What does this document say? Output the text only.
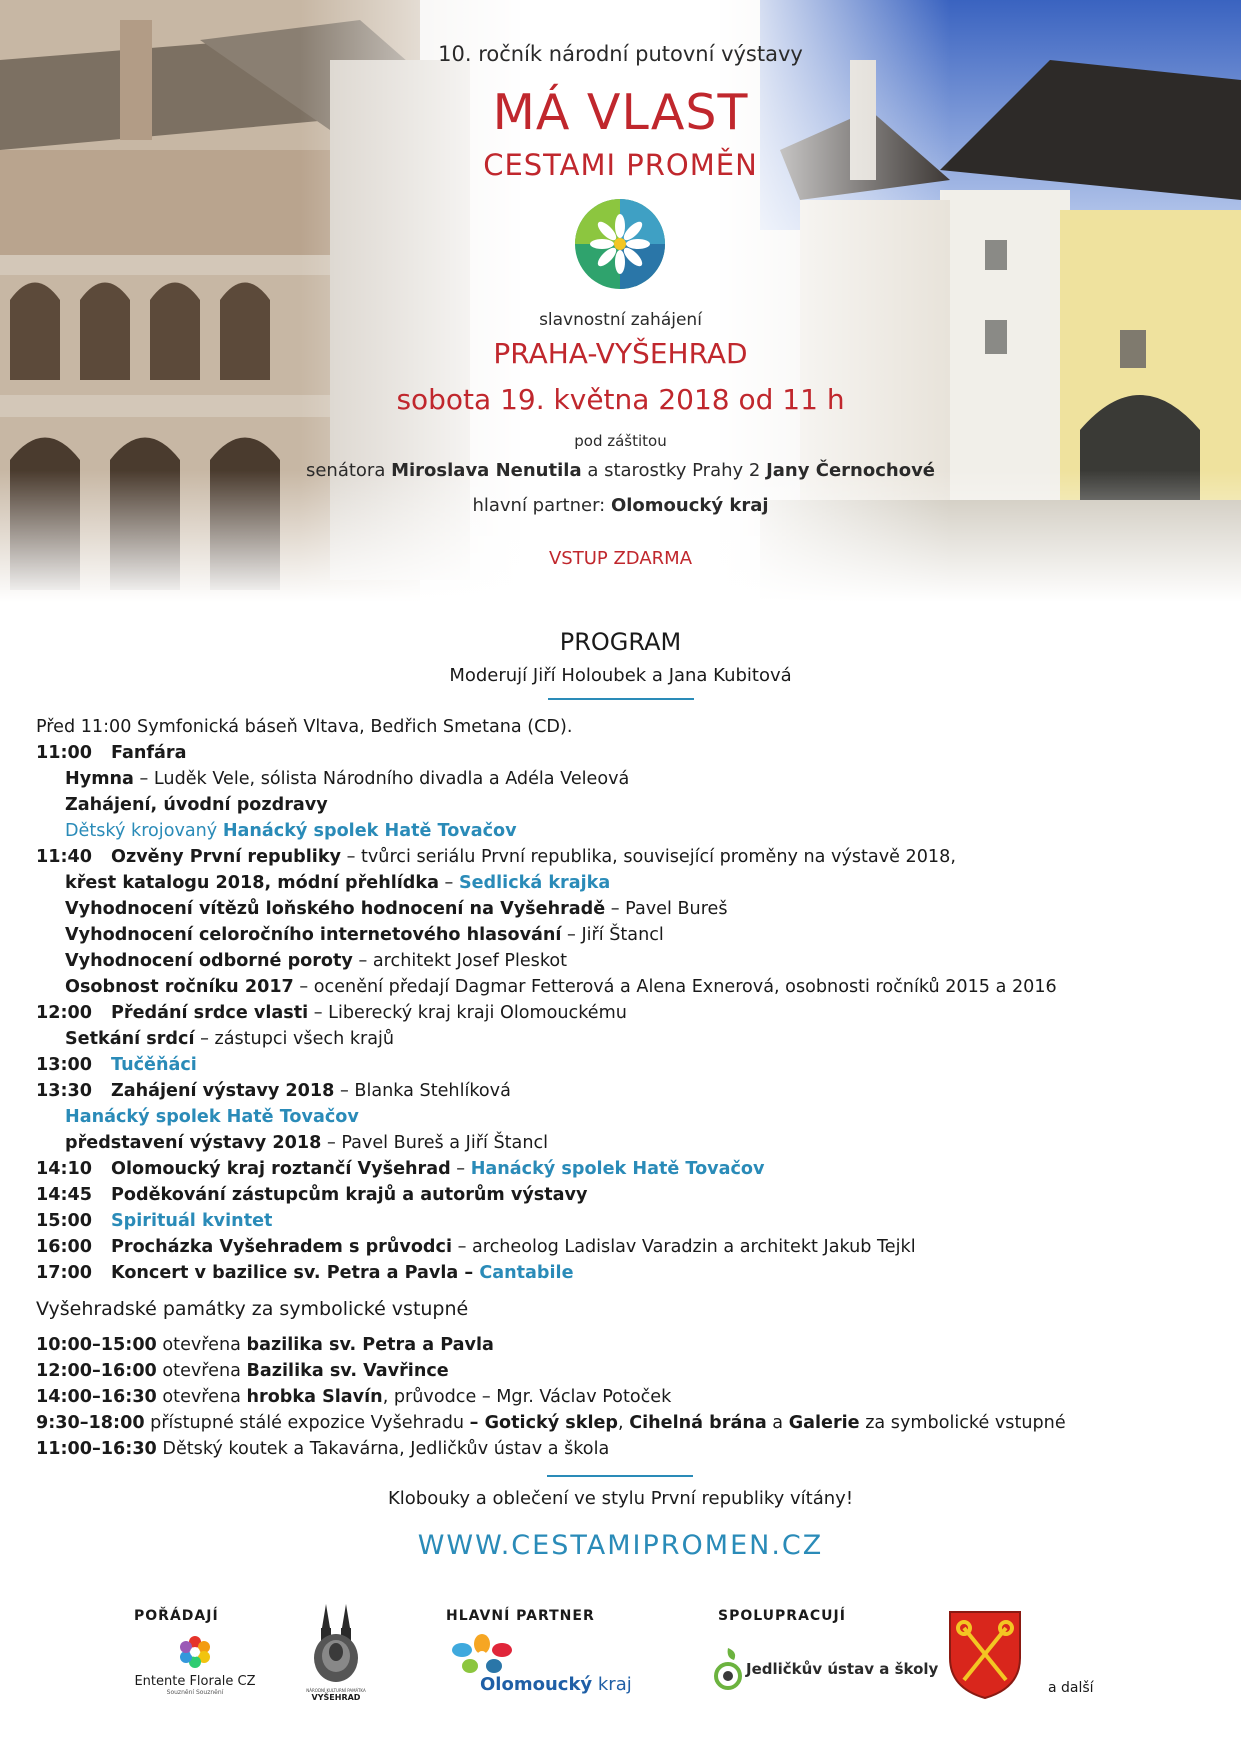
10. ročník národní putovní výstavy
MÁ VLAST
CESTAMI PROMĚN
slavnostní zahájení
PRAHA-VYŠEHRAD
sobota 19. května 2018 od 11 h
pod záštitou
senátora Miroslava Nenutila a starostky Prahy 2 Jany Černochové
hlavní partner: Olomoucký kraj
VSTUP ZDARMA
PROGRAM
Moderují Jiří Holoubek a Jana Kubitová
Před 11:00 Symfonická báseň Vltava, Bedřich Smetana (CD).
11:00 Fanfára
Hymna – Luděk Vele, sólista Národního divadla a Adéla Veleová
Zahájení, úvodní pozdravy
Dětský krojovaný Hanácký spolek Hatě Tovačov
11:40 Ozvěny První republiky – tvůrci seriálu První republika, související proměny na výstavě 2018,
křest katalogu 2018, módní přehlídka – Sedlická krajka
Vyhodnocení vítězů loňského hodnocení na Vyšehradě – Pavel Bureš
Vyhodnocení celoročního internetového hlasování – Jiří Štancl
Vyhodnocení odborné poroty – architekt Josef Pleskot
Osobnost ročníku 2017 – ocenění předají Dagmar Fetterová a Alena Exnerová, osobnosti ročníků 2015 a 2016
12:00 Předání srdce vlasti – Liberecký kraj kraji Olomouckému
Setkání srdcí – zástupci všech krajů
13:00 Tučěňáci
13:30 Zahájení výstavy 2018 – Blanka Stehlíková
Hanácký spolek Hatě Tovačov
představení výstavy 2018 – Pavel Bureš a Jiří Štancl
14:10 Olomoucký kraj roztančí Vyšehrad – Hanácký spolek Hatě Tovačov
14:45 Poděkování zástupcům krajů a autorům výstavy
15:00 Spirituál kvintet
16:00 Procházka Vyšehradem s průvodci – archeolog Ladislav Varadzin a architekt Jakub Tejkl
17:00 Koncert v bazilice sv. Petra a Pavla – Cantabile
Vyšehradské památky za symbolické vstupné
10:00–15:00 otevřena bazilika sv. Petra a Pavla
12:00–16:00 otevřena Bazilika sv. Vavřince
14:00–16:30 otevřena hrobka Slavín, průvodce – Mgr. Václav Potoček
9:30–18:00 přístupné stálé expozice Vyšehradu – Gotický sklep, Cihelná brána a Galerie za symbolické vstupné
11:00–16:30 Dětský koutek a Takavárna, Jedličkův ústav a škola
Klobouky a oblečení ve stylu První republiky vítány!
WWW.CESTAMIPROMEN.CZ
POŘÁDAJÍ	HLAVNÍ PARTNER	SPOLUPRACUJÍ
Entente Florale CZ
Souznění Souznění	NÁRODNÍ KULTURNÍ PAMÁTKA
VYŠEHRAD
Olomoucký kraj
Jedličkův ústav a školy
a další
